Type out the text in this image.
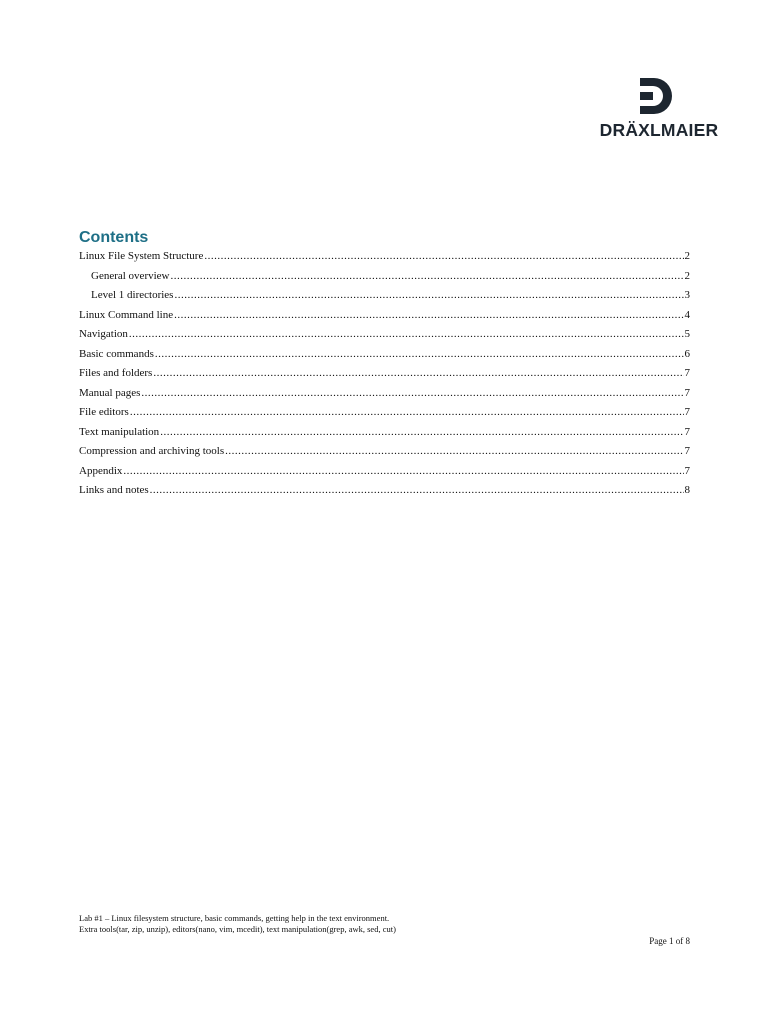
DRÄXLMAIER
Contents
Linux File System Structure .....	2
General overview .....	2
Level 1 directories .....	3
Linux Command line .....	4
Navigation .....	5
Basic commands .....	6
Files and folders .....	7
Manual pages .....	7
File editors .....	7
Text manipulation .....	7
Compression and archiving tools .....	7
Appendix .....	7
Links and notes .....	8
Lab #1 – Linux filesystem structure, basic commands, getting help in the text environment.
Extra tools(tar, zip, unzip), editors(nano, vim, mcedit), text manipulation(grep, awk, sed, cut)
Page 1 of 8
